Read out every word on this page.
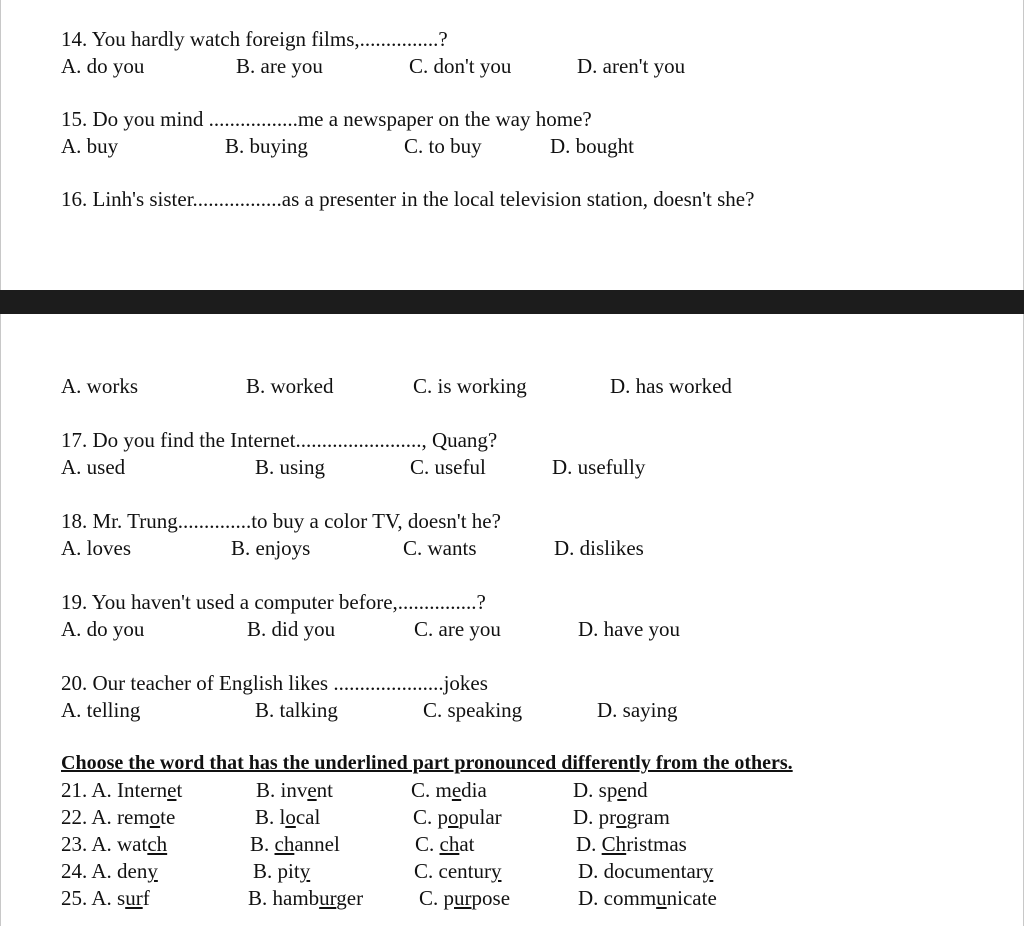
14. You hardly watch foreign films,...............?
A. do you	B. are you	C. don't you	D. aren't you
15. Do you mind .................me a newspaper on the way home?
A. buy	B. buying	C. to buy	D. bought
16. Linh's sister.................as a presenter in the local television station, doesn't she?
A. works	B. worked	C. is working	D. has worked
17. Do you find the Internet........................, Quang?
A. used	B. using	C. useful	D. usefully
18. Mr. Trung..............to buy a color TV, doesn't he?
A. loves	B. enjoys	C. wants	D. dislikes
19. You haven't used a computer before,...............?
A. do you	B. did you	C. are you	D. have you
20. Our teacher of English likes .....................jokes
A. telling	B. talking	C. speaking	D. saying
Choose the word that has the underlined part pronounced differently from the others.
21. A. Internet	B. invent	C. media	D. spend
22. A. remote	B. local	C. popular	D. program
23. A. watch	B. channel	C. chat	D. Christmas
24. A. deny	B. pity	C. century	D. documentary
25. A. surf	B. hamburger	C. purpose	D. communicate
